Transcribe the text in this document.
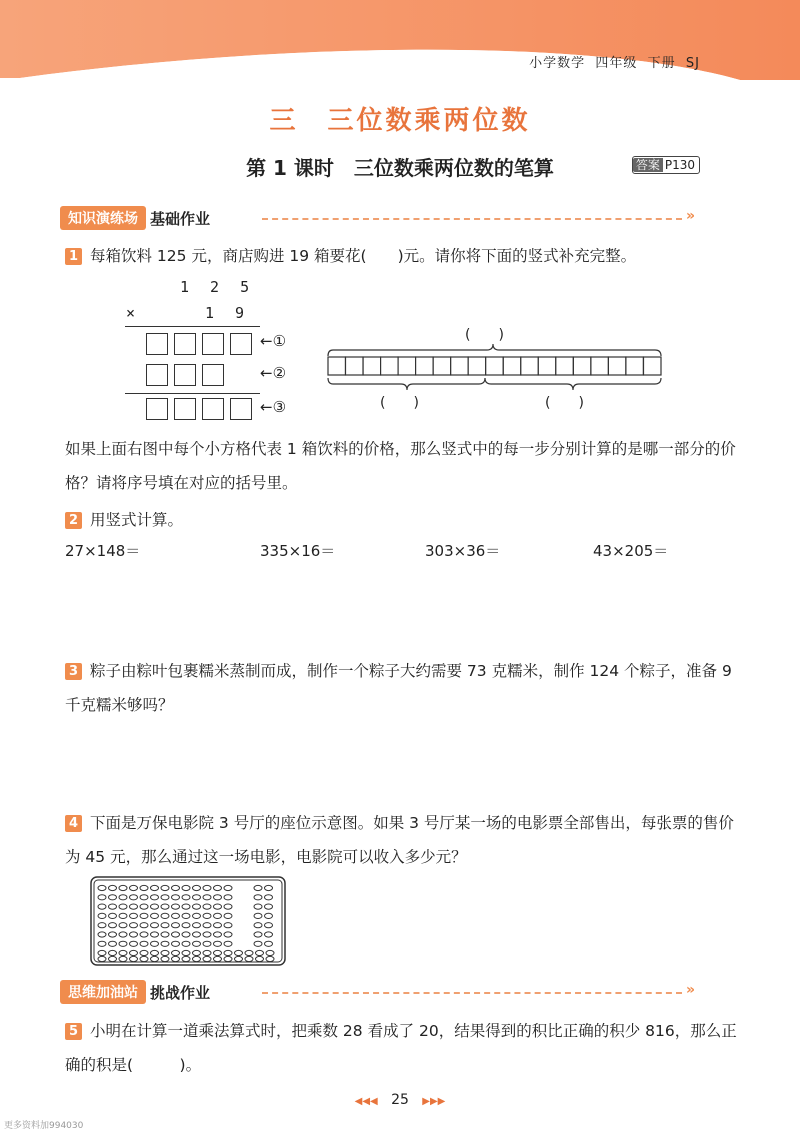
小学数学 四年级 下册 SJ
三　三位数乘两位数
第 1 课时　三位数乘两位数的笔算	答案 P130
知识演练场 基础作业	»
1 每箱饮料 125 元，商店购进 19 箱要花(　　)元。请你将下面的竖式补充完整。
1 2 5
×	1 9
←①
←②
←③
(　　)
(　　)	(　　)
如果上面右图中每个小方格代表 1 箱饮料的价格，那么竖式中的每一步分别计算的是哪一部分的价格？请将序号填在对应的括号里。
2 用竖式计算。
27×148＝	335×16＝	303×36＝	43×205＝
3 粽子由粽叶包裹糯米蒸制而成，制作一个粽子大约需要 73 克糯米，制作 124 个粽子，准备 9 千克糯米够吗？
4 下面是万保电影院 3 号厅的座位示意图。如果 3 号厅某一场的电影票全部售出，每张票的售价为 45 元，那么通过这一场电影，电影院可以收入多少元？
思维加油站 挑战作业	»
5 小明在计算一道乘法算式时，把乘数 28 看成了 20，结果得到的积比正确的积少 816，那么正确的积是(　　　)。
◀◀◀ 25 ▶▶▶
更多资料加994030
